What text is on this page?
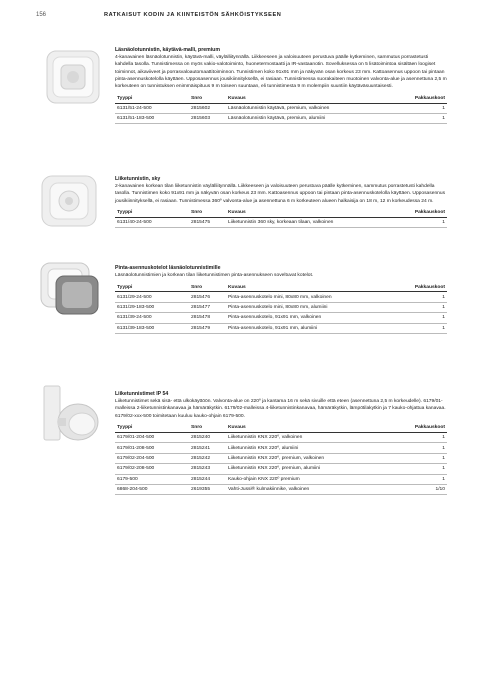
156	RATKAISUT KODIN JA KIINTEISTÖN SÄHKÖISTYKSEEN
Läsnäolotunnistin, käytävä-malli, premium
4-kanavainen läsnäolotunnistin, käytävä-malli, väylälliitynnällä. Liikkeeseen ja valoisuuteen perustuva päälle kytkeminen, sammutus porrastetusti kahdella tasolla. Tunnistimessa on myös vakio-valotoiminto, huonetermostaatti ja IR-vastaanotin. Sovelluksessa on 5 lisätoimintoa sisältäen loogiset toiminnot, aikaviiveet ja porrasvaloautomaattitoiminnon. Tunnistimen koko 91x91 mm ja näkyvän osan korkeus 23 mm. Kattoasennus uppoon tai pintaan pinta-asennuskotelolla käyttäen. Upposasennus jousikiinnityksellä, ei rasiaan. Tunnistimessa suorakaiteen muotoinen valvonta-alue ja asennettuna 2,5 m korkeuteen on tunnistuksen enimmäispituus 9 m toiseen suuntaan, eli tunnistimesta 9 m molempiin suuntiin käytäväsuuntaisesti.
Tyyppi	Snro	Kuvaus	Pakkauskoot
6131/51-24-500	2815602	Läsnäolotunnistin käytävä, premium, valkoinen	1
6131/51-183-500	2815603	Läsnäolotunnistin käytävä, premium, alumiini	1
Liiketunnistin, sky
2-kanavainen korkean tilan liiketunnistin väylälliitynnällä. Liikkeeseen ja valoisuuteen perustuva päälle kytkeminen, sammutus porrastetusti kahdella tasolla. Tunnistimen koko 91x91 mm ja näkyvän osan korkeus 23 mm. Kattoasennus uppoon tai pintaan pinta-asennuskotelolla käyttäen. Upposasennus jousikiinnityksellä, ei rasiaan. Tunnistimessa 360º valvonta-alue ja asennettuna 6 m korkeuteen alueen halkaisija on 18 m, 12 m korkeudessa 24 m.
Tyyppi	Snro	Kuvaus	Pakkauskoot
6131/40-24-500	2815475	Liiketunnistin 360 sky, korkeaan tilaan, valkoinen	1
Pinta-asennuskotelot läsnäolotunnistimille
Läsnäolotunnistimien ja korkean tilan liiketunnistimen pinta-asennukseen soveltuvat kotelot.
Tyyppi	Snro	Kuvaus	Pakkauskoot
6131/29-24-500	2815476	Pinta-asennuskotelo mini, 80x80 mm, valkoinen	1
6131/29-183-500	2815477	Pinta-asennuskotelo mini, 80x80 mm, alumiini	1
6131/39-24-500	2815478	Pinta-asennuskotelo, 91x91 mm, valkoinen	1
6131/39-183-500	2815479	Pinta-asennuskotelo, 91x91 mm, alumiini	1
Liiketunnistimet IP 54
Liiketunnistimet sekä sisä- että ulkokäyttöön. Valvonta-alue on 220º ja kantama 16 m sekä sivuille että eteen (asennettuna 2,5 m korkeudelle). 6179/01-malleissa 2-liiketunnistinkanavaa ja hämäräkytkin. 6179/02-malleissa 4-liiketunnistinkanavaa, hämäräkytkin, lämpötilakytkin ja 7 kauko-ohjattua kanavaa. 6179/02-xxx-500 toimitetaan kuuluu kauko-ohjain 6179-500.
Tyyppi	Snro	Kuvaus	Pakkauskoot
6179/01-204-500	2815240	Liiketunnistin KNX 220º, valkoinen	1
6179/01-208-500	2815241	Liiketunnistin KNX 220º, alumiini	1
6179/02-204-500	2815242	Liiketunnistin KNX 220º, premium, valkoinen	1
6179/02-208-500	2815243	Liiketunnistin KNX 220º, premium, alumiini	1
6179-500	2815244	Kauko-ohjain KNX 220º premium	1
6868-204-500	2619355	Vahti-Jussi® kulmakiinnike, valkoinen	1/10
